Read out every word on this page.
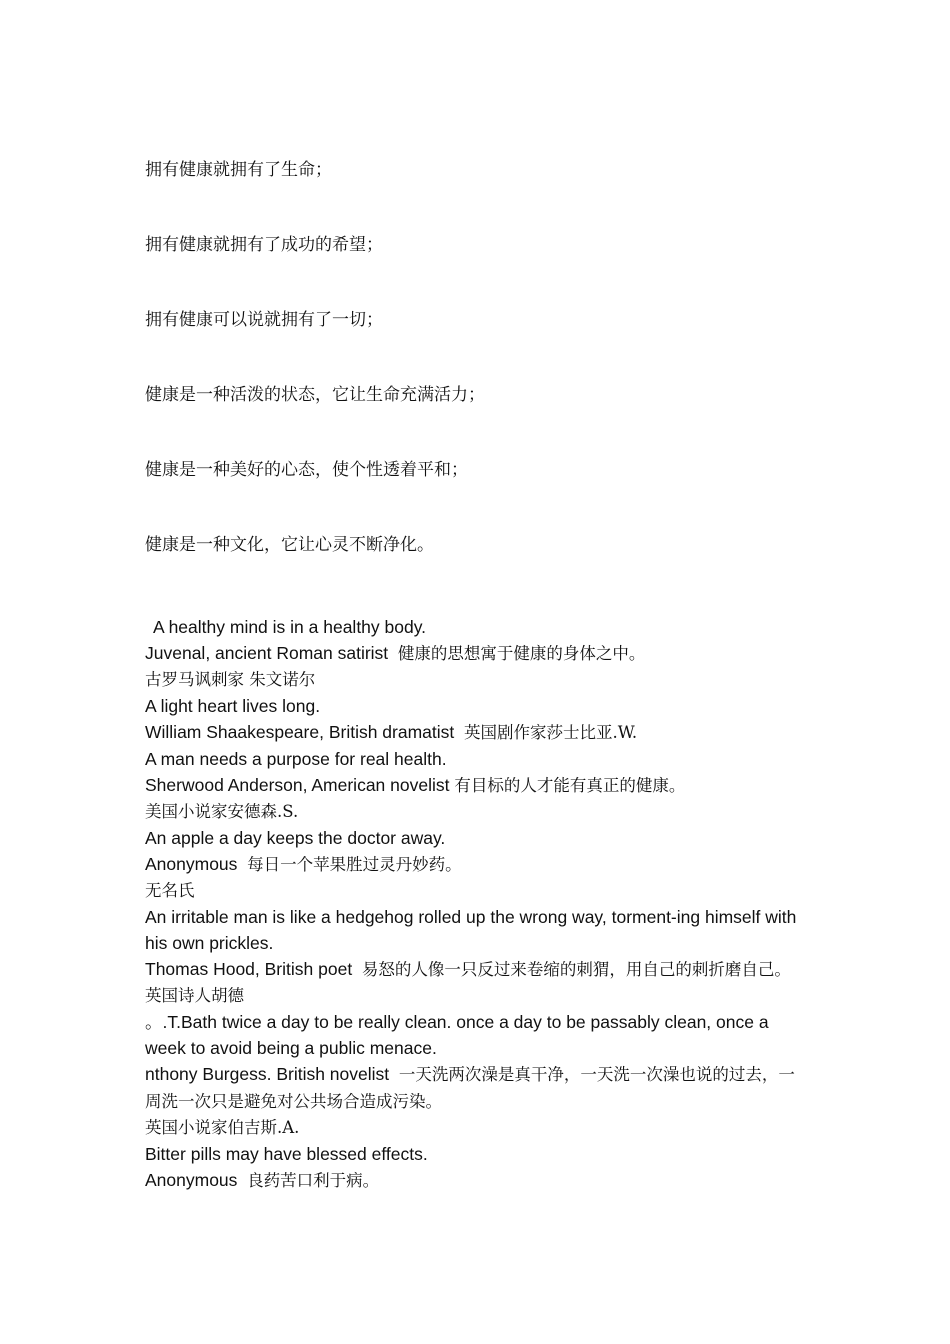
拥有健康就拥有了生命；
拥有健康就拥有了成功的希望；
拥有健康可以说就拥有了一切；
健康是一种活泼的状态，它让生命充满活力；
健康是一种美好的心态，使个性透着平和；
健康是一种文化，它让心灵不断净化。

A healthy mind is in a healthy body.

Juvenal, ancient Roman satirist 健康的思想寓于健康的身体之中。

古罗马讽刺家 朱文诺尔

A light heart lives long.

William Shaakespeare, British dramatist 英国剧作家莎士比亚.W.

A man needs a purpose for real health.

Sherwood Anderson, American novelist 有目标的人才能有真正的健康。

美国小说家安德森.S.

An apple a day keeps the doctor away.

Anonymous 每日一个苹果胜过灵丹妙药。

无名氏

An irritable man is like a hedgehog rolled up the wrong way, torment-ing himself with his own prickles.

Thomas Hood, British poet 易怒的人像一只反过来卷缩的刺猬，用自己的刺折磨自己。

英国诗人胡德

。.T.Bath twice a day to be really clean. once a day to be passably clean, once a week to avoid being a public menace.

nthony Burgess. British novelist 一天洗两次澡是真干净，一天洗一次澡也说的过去，一周洗一次只是避免对公共场合造成污染。

英国小说家伯吉斯.A.

Bitter pills may have blessed effects.

Anonymous 良药苦口利于病。
